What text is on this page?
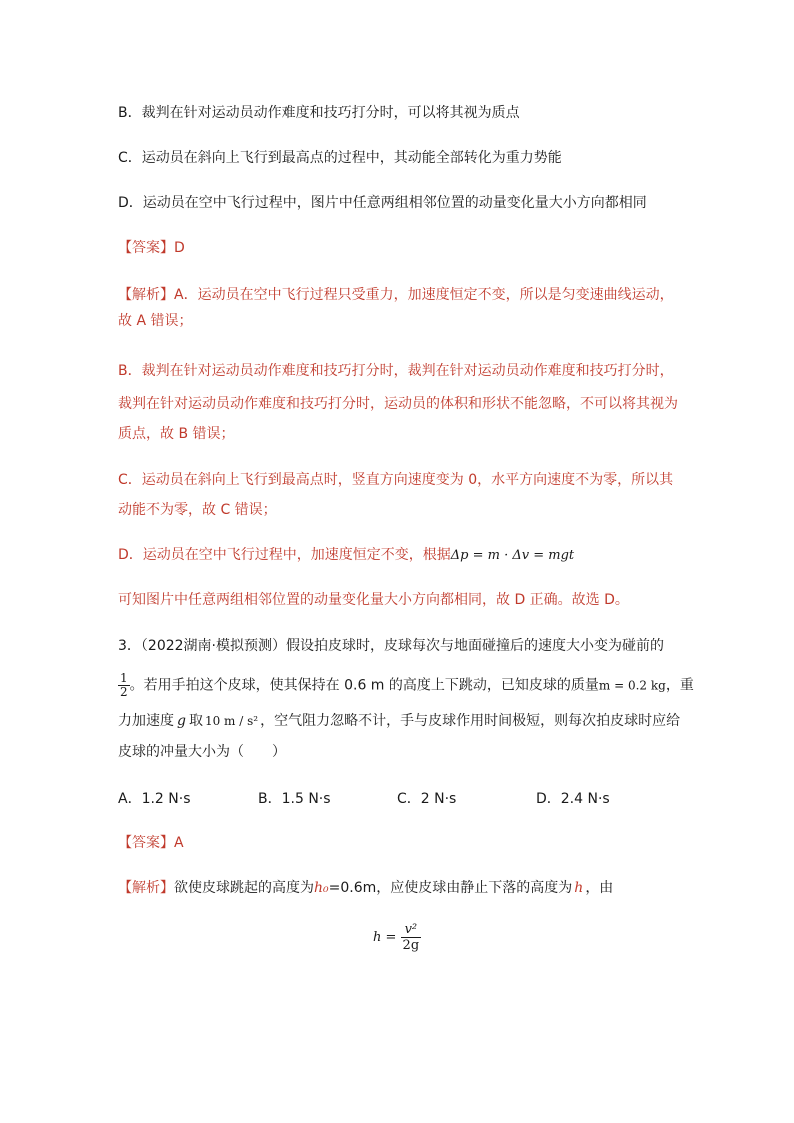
B．裁判在针对运动员动作难度和技巧打分时，可以将其视为质点
C．运动员在斜向上飞行到最高点的过程中，其动能全部转化为重力势能
D．运动员在空中飞行过程中，图片中任意两组相邻位置的动量变化量大小方向都相同
【答案】D
【解析】A．运动员在空中飞行过程只受重力，加速度恒定不变，所以是匀变速曲线运动，
故 A 错误；
B．裁判在针对运动员动作难度和技巧打分时，裁判在针对运动员动作难度和技巧打分时，
裁判在针对运动员动作难度和技巧打分时，运动员的体积和形状不能忽略，不可以将其视为
质点，故 B 错误；
C．运动员在斜向上飞行到最高点时，竖直方向速度变为 0，水平方向速度不为零，所以其
动能不为零，故 C 错误；
D．运动员在空中飞行过程中，加速度恒定不变，根据Δp = m · Δv = mgt
可知图片中任意两组相邻位置的动量变化量大小方向都相同，故 D 正确。故选 D。
3．（2022湖南·模拟预测）假设拍皮球时，皮球每次与地面碰撞后的速度大小变为碰前的
$\frac{1}{2}$ 。若用手拍这个皮球，使其保持在 0.6 m 的高度上下跳动，已知皮球的质量m = 0.2 kg，重
力加速度 g 取 10 m / s² ，空气阻力忽略不计，手与皮球作用时间极短，则每次拍皮球时应给
皮球的冲量大小为（　　）
A．1.2 N·s	B．1.5 N·s	C．2 N·s	D．2.4 N·s
【答案】A
【解析】欲使皮球跳起的高度为h₀=0.6m，应使皮球由静止下落的高度为 h ，由
$h = \frac{\text{v²}}{2g}$
